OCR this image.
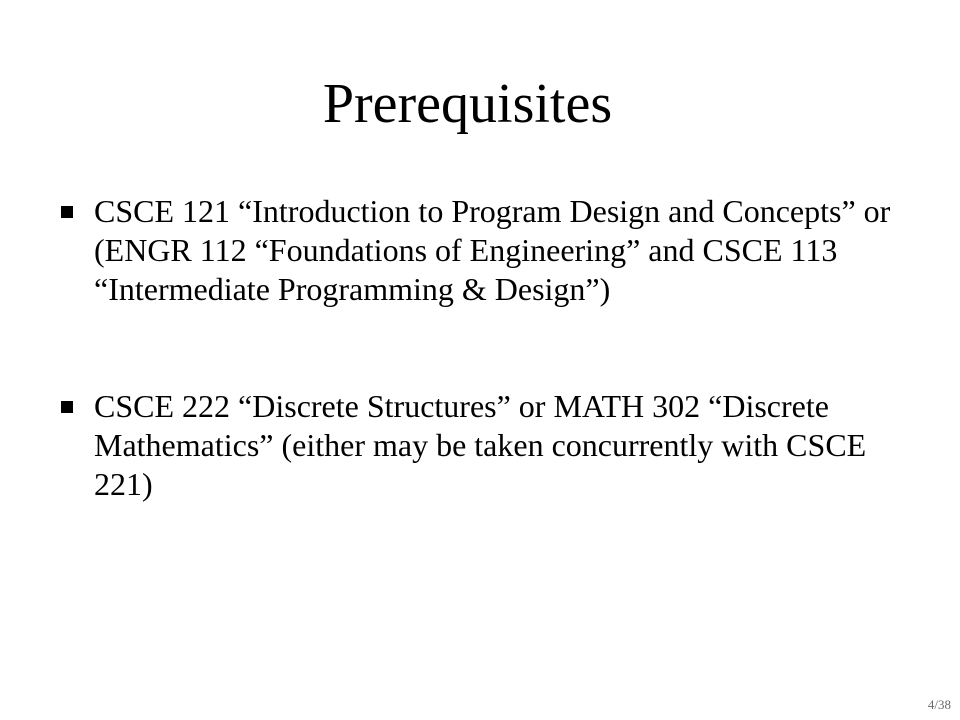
Prerequisites
CSCE 121 “Introduction to Program Design and Concepts” or (ENGR 112 “Foundations of Engineering” and CSCE 113 “Intermediate Programming & Design”)
CSCE 222 “Discrete Structures” or MATH 302 “Discrete Mathematics” (either may be taken concurrently with CSCE 221)
4/38
